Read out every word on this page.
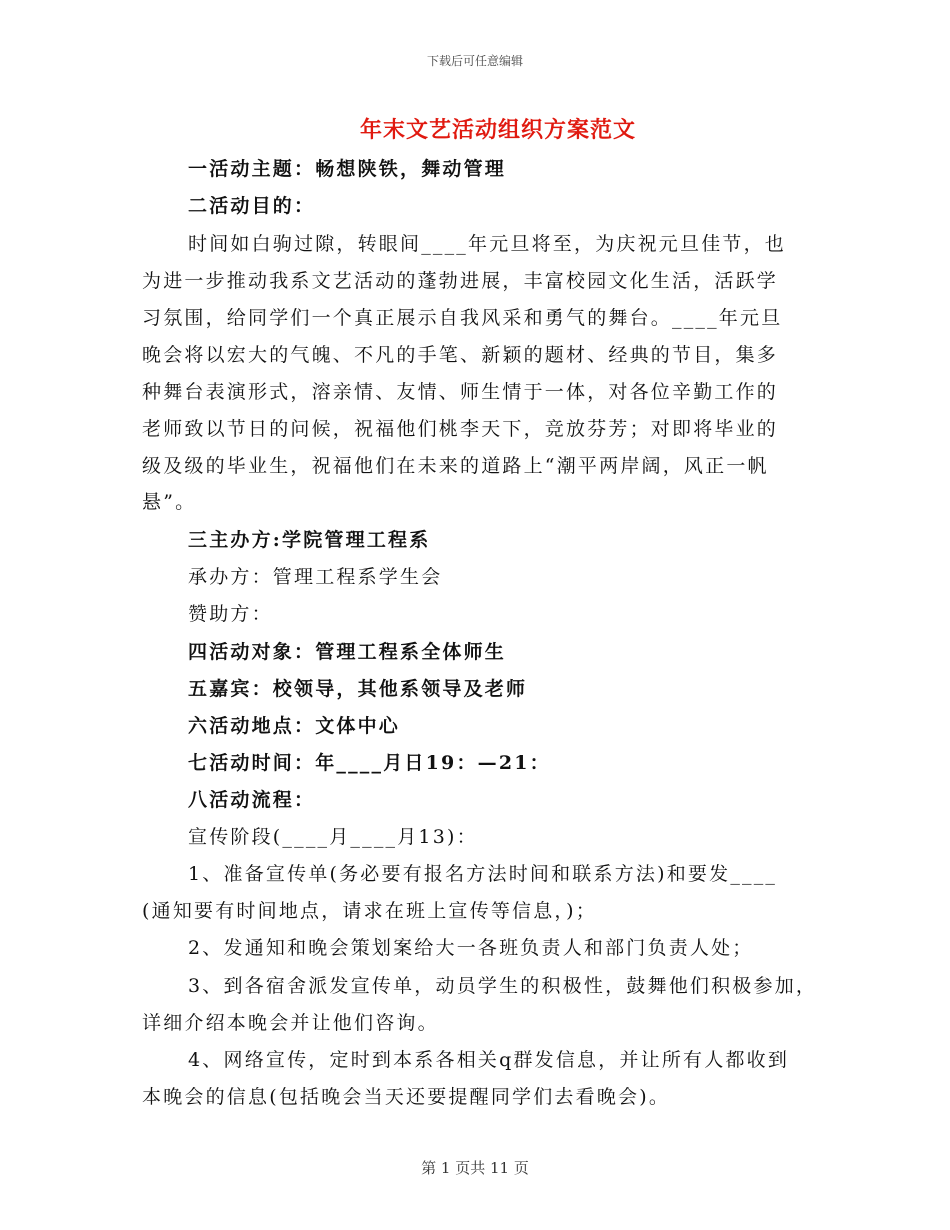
下载后可任意编辑
年末文艺活动组织方案范文
一活动主题：畅想陕铁，舞动管理
二活动目的：
时间如白驹过隙，转眼间____年元旦将至，为庆祝元旦佳节，也
为进一步推动我系文艺活动的蓬勃进展，丰富校园文化生活，活跃学
习氛围，给同学们一个真正展示自我风采和勇气的舞台。____年元旦
晚会将以宏大的气魄、不凡的手笔、新颖的题材、经典的节目，集多
种舞台表演形式，溶亲情、友情、师生情于一体，对各位辛勤工作的
老师致以节日的问候，祝福他们桃李天下，竞放芬芳；对即将毕业的
级及级的毕业生，祝福他们在未来的道路上“潮平两岸阔，风正一帆
悬”。
三主办方:学院管理工程系
承办方：管理工程系学生会
赞助方：
四活动对象：管理工程系全体师生
五嘉宾：校领导，其他系领导及老师
六活动地点：文体中心
七活动时间：年____月日19：—21：
八活动流程：
宣传阶段(____月____月13)：
1、准备宣传单(务必要有报名方法时间和联系方法)和要发____
(通知要有时间地点，请求在班上宣传等信息，)；
2、发通知和晚会策划案给大一各班负责人和部门负责人处；
3、到各宿舍派发宣传单，动员学生的积极性，鼓舞他们积极参加，
详细介绍本晚会并让他们咨询。
4、网络宣传，定时到本系各相关q群发信息，并让所有人都收到
本晚会的信息(包括晚会当天还要提醒同学们去看晚会)。
第 1 页共 11 页
